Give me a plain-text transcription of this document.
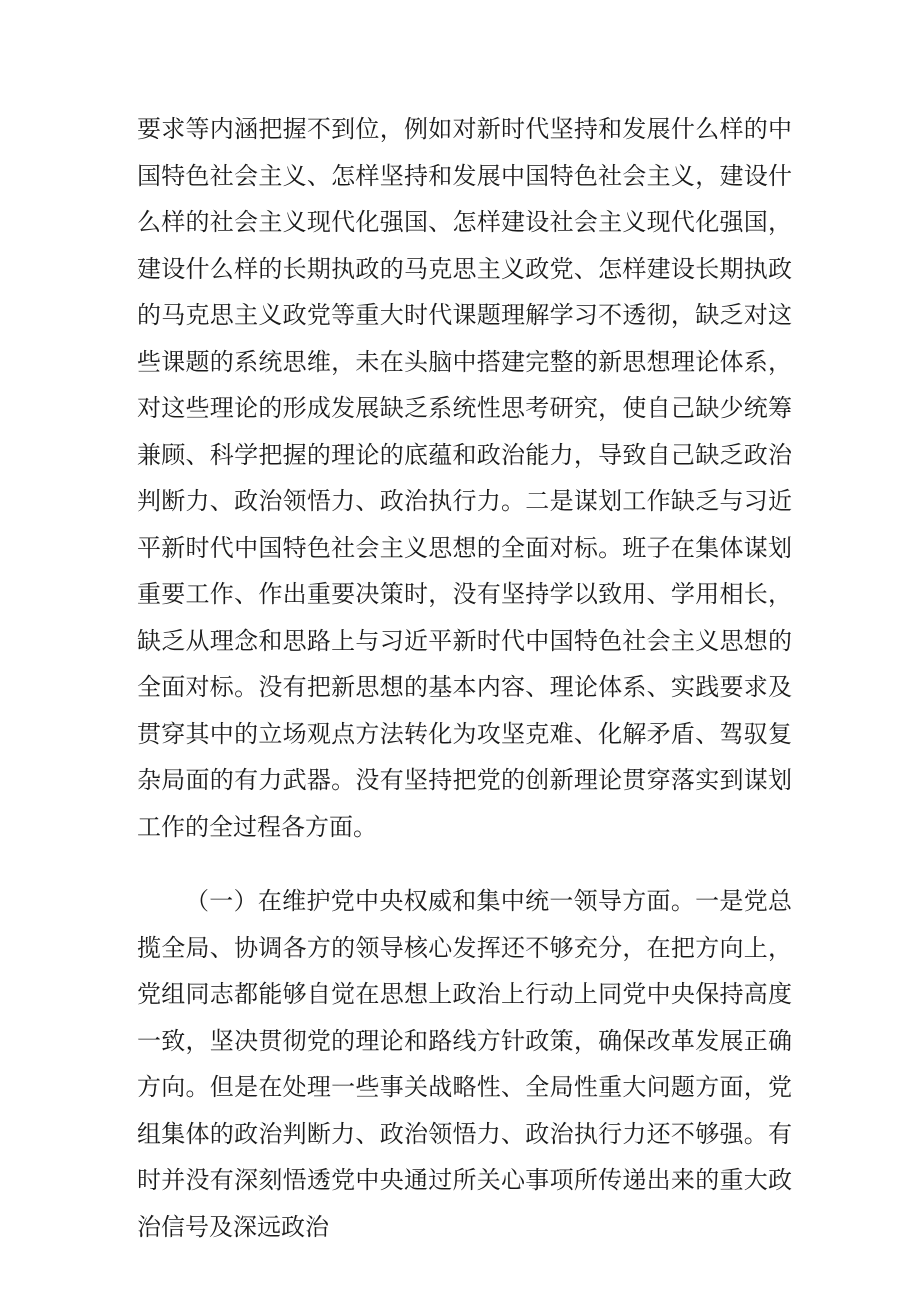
要求等内涵把握不到位，例如对新时代坚持和发展什么样的中国特色社会主义、怎样坚持和发展中国特色社会主义，建设什么样的社会主义现代化强国、怎样建设社会主义现代化强国，建设什么样的长期执政的马克思主义政党、怎样建设长期执政的马克思主义政党等重大时代课题理解学习不透彻，缺乏对这些课题的系统思维，未在头脑中搭建完整的新思想理论体系，对这些理论的形成发展缺乏系统性思考研究，使自己缺少统筹兼顾、科学把握的理论的底蕴和政治能力，导致自己缺乏政治判断力、政治领悟力、政治执行力。二是谋划工作缺乏与习近平新时代中国特色社会主义思想的全面对标。班子在集体谋划重要工作、作出重要决策时，没有坚持学以致用、学用相长，缺乏从理念和思路上与习近平新时代中国特色社会主义思想的全面对标。没有把新思想的基本内容、理论体系、实践要求及贯穿其中的立场观点方法转化为攻坚克难、化解矛盾、驾驭复杂局面的有力武器。没有坚持把党的创新理论贯穿落实到谋划工作的全过程各方面。

（一）在维护党中央权威和集中统一领导方面。一是党总揽全局、协调各方的领导核心发挥还不够充分，在把方向上，党组同志都能够自觉在思想上政治上行动上同党中央保持高度一致，坚决贯彻党的理论和路线方针政策，确保改革发展正确方向。但是在处理一些事关战略性、全局性重大问题方面，党组集体的政治判断力、政治领悟力、政治执行力还不够强。有时并没有深刻悟透党中央通过所关心事项所传递出来的重大政治信号及深远政治
